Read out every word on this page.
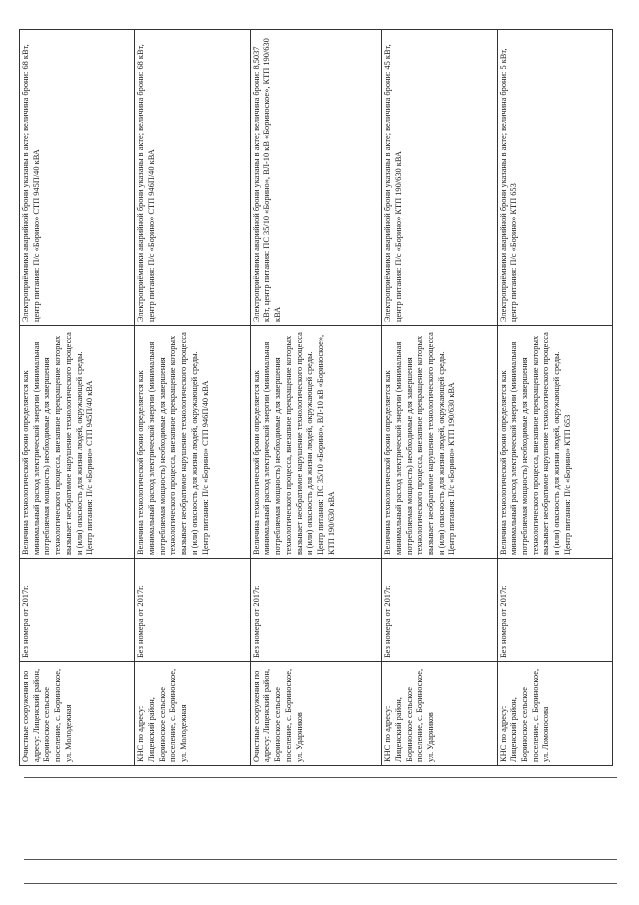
Очистные сооружения по адресу: Лиценский район, Бориноское сельское поселение, с. Бориноское, ул. Молодежная	Без номера от 2017г.	Величина технологической брони определяется как минимальный расход электрической энергии (минимальная потребляемая мощность) необходимые для завершения технологического процесса, внезапное прекращение которых вызывает необратимое нарушение технологического процесса и (или) опасность для жизни людей, окружающей среды. Центр питания: П/с «Борино» СТП 945П/40 кВА	Электроприёмники аварийной брони указаны в акте; величина брони: 68 кВт, центр питания: П/с «Борино» СТП 945П/40 кВА
КНС по адресу: Лиценский район, Бориноское сельское поселение, с. Бориноское, ул. Молодежная	Без номера от 2017г.	Величина технологической брони определяется как минимальный расход электрической энергии (минимальная потребляемая мощность) необходимые для завершения технологического процесса, внезапное прекращение которых вызывает необратимое нарушение технологического процесса и (или) опасность для жизни людей, окружающей среды. Центр питания: П/с «Борино» СТП 946П/40 кВА	Электроприёмники аварийной брони указаны в акте; величина брони: 68 кВт, центр питания: П/с «Борино» СТП 946П/40 кВА
Очистные сооружения по адресу: Лиценский район, Бориноское сельское поселение, с. Бориноское, ул. Ударников	Без номера от 2017г.	Величина технологической брони определяется как минимальный расход электрической энергии (минимальная потребляемая мощность) необходимые для завершения технологического процесса, внезапное прекращение которых вызывает необратимое нарушение технологического процесса и (или) опасность для жизни людей, окружающей среды. Центр питания: ПС 35/10 «Борино», ВЛ-10 кВ «Бориноское», КТП 190/630 кВА	Электроприёмники аварийной брони указаны в акте; величина брони: 8,5037 кВт, центр питания: ПС 35/10 «Борино», ВЛ-10 кВ «Бориноское», КТП 190/630 кВА
КНС по адресу: Лиценский район, Бориноское сельское поселение, с. Бориноское, ул. Ударников	Без номера от 2017г.	Величина технологической брони определяется как минимальный расход электрической энергии (минимальная потребляемая мощность) необходимые для завершения технологического процесса, внезапное прекращение которых вызывает необратимое нарушение технологического процесса и (или) опасность для жизни людей, окружающей среды. Центр питания: П/с «Борино» КТП 190/630 кВА	Электроприёмники аварийной брони указаны в акте; величина брони: 45 кВт, центр питания: П/с «Борино» КТП 190/630 кВА
КНС по адресу: Лиценский район, Бориноское сельское поселение, с. Бориноское, ул. Ломоносова	Без номера от 2017г.	Величина технологической брони определяется как минимальный расход электрической энергии (минимальная потребляемая мощность) необходимые для завершения технологического процесса, внезапное прекращение которых вызывает необратимое нарушение технологического процесса и (или) опасность для жизни людей, окружающей среды. Центр питания: П/с «Борино» КТП 653	Электроприёмники аварийной брони указаны в акте; величина брони: 5 кВт, центр питания: П/с «Борино» КТП 653
